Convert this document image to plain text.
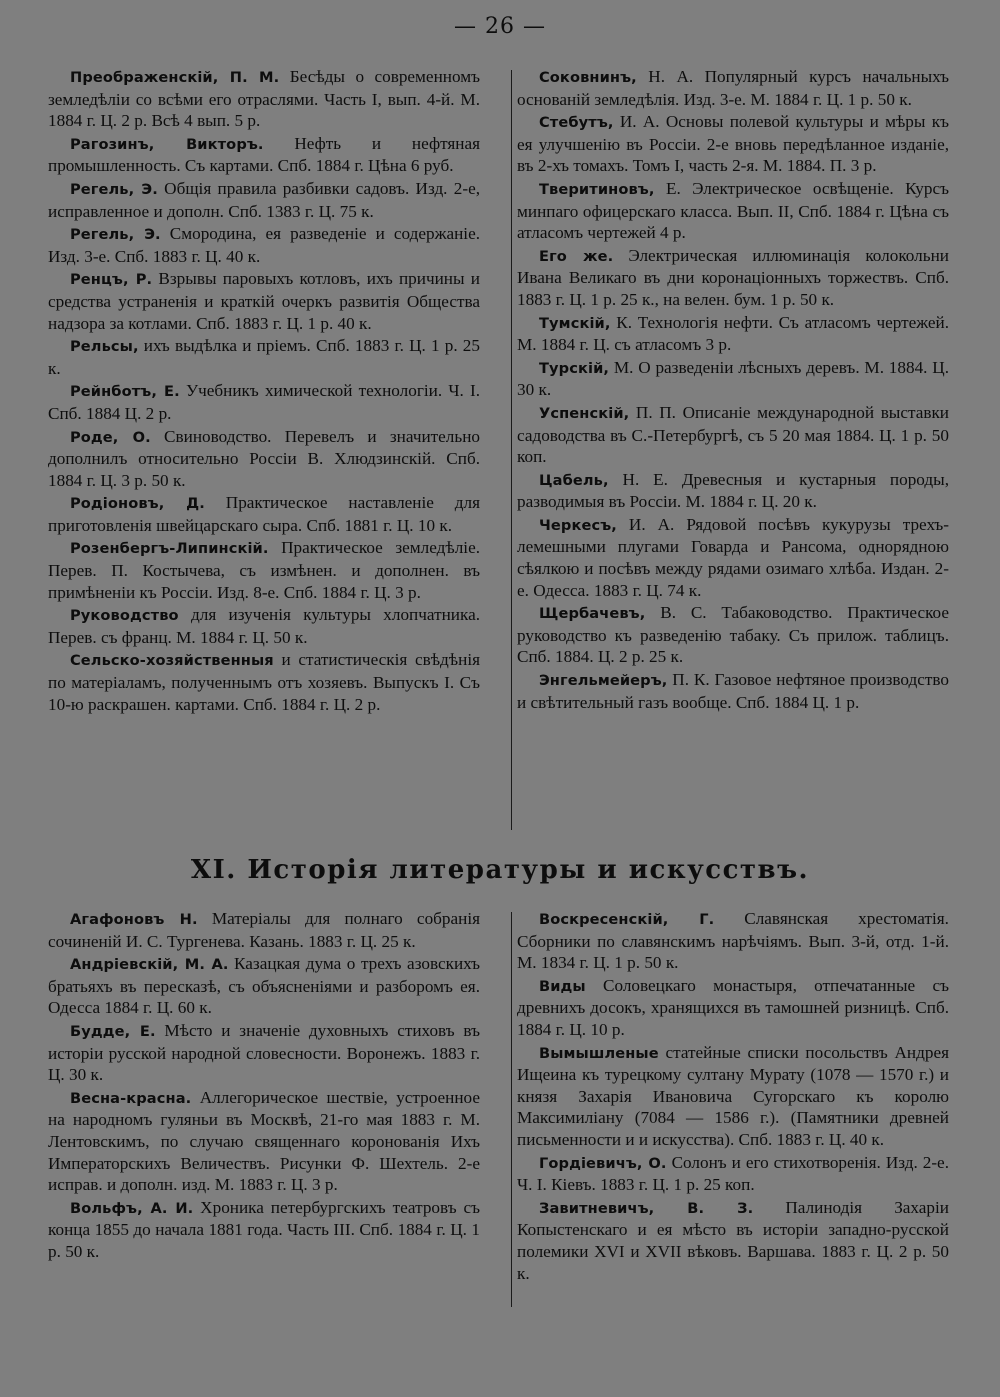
— 26 —

Преображенскій, П. М. Бесѣды о современномъ земледѣліи со всѣми его отраслями. Часть I, вып. 4-й. М. 1884 г. Ц. 2 р. Всѣ 4 вып. 5 р.

Рагозинъ, Викторъ. Нефть и нефтяная промышленность. Съ картами. Спб. 1884 г. Цѣна 6 руб.

Регель, Э. Общія правила разбивки садовъ. Изд. 2-е, исправленное и дополн. Спб. 1383 г. Ц. 75 к.

Регель, Э. Смородина, ея разведеніе и содержаніе. Изд. 3-е. Спб. 1883 г. Ц. 40 к.

Ренцъ, Р. Взрывы паровыхъ котловъ, ихъ причины и средства устраненія и краткій очеркъ развитія Общества надзора за котлами. Спб. 1883 г. Ц. 1 р. 40 к.

Рельсы, ихъ выдѣлка и пріемъ. Спб. 1883 г. Ц. 1 р. 25 к.

Рейнботъ, Е. Учебникъ химической технологіи. Ч. I. Спб. 1884 Ц. 2 р.

Роде, О. Свиноводство. Перевелъ и значительно дополнилъ относительно Россіи В. Хлюдзинскій. Спб. 1884 г. Ц. 3 р. 50 к.

Родіоновъ, Д. Практическое наставленіе для приготовленія швейцарскаго сыра. Спб. 1881 г. Ц. 10 к.

Розенбергъ-Липинскій. Практическое земледѣліе. Перев. П. Костычева, съ измѣнен. и дополнен. въ примѣненіи къ Россіи. Изд. 8-е. Спб. 1884 г. Ц. 3 р.

Руководство для изученія культуры хлопчатника. Перев. съ франц. М. 1884 г. Ц. 50 к.

Сельско-хозяйственныя и статистическія свѣдѣнія по матеріаламъ, полученнымъ отъ хозяевъ. Выпускъ I. Съ 10-ю раскрашен. картами. Спб. 1884 г. Ц. 2 р.

Соковнинъ, Н. А. Популярный курсъ начальныхъ основаній земледѣлія. Изд. 3-е. М. 1884 г. Ц. 1 р. 50 к.

Стебутъ, И. А. Основы полевой культуры и мѣры къ ея улучшенію въ Россіи. 2-е вновь передѣланное изданіе, въ 2-хъ томахъ. Томъ I, часть 2-я. М. 1884. П. 3 р.

Тверитиновъ, Е. Электрическое освѣщеніе. Курсъ минпаго офицерскаго класса. Вып. II, Спб. 1884 г. Цѣна съ атласомъ чертежей 4 р.

Его же. Электрическая иллюминація колокольни Ивана Великаго въ дни коронаціонныхъ торжествъ. Спб. 1883 г. Ц. 1 р. 25 к., на велен. бум. 1 р. 50 к.

Тумскій, К. Технологія нефти. Съ атласомъ чертежей. М. 1884 г. Ц. съ атласомъ 3 р.

Турскій, М. О разведеніи лѣсныхъ деревъ. М. 1884. Ц. 30 к.

Успенскій, П. П. Описаніе международной выставки садоводства въ С.-Петербургѣ, съ 5 20 мая 1884. Ц. 1 р. 50 коп.

Цабель, Н. Е. Древесныя и кустарныя породы, разводимыя въ Россіи. М. 1884 г. Ц. 20 к.

Черкесъ, И. А. Рядовой посѣвъ кукурузы трехъ-лемешными плугами Говарда и Рансома, однорядною сѣялкою и посѣвъ между рядами озимаго хлѣба. Издан. 2-е. Одесса. 1883 г. Ц. 74 к.

Щербачевъ, В. С. Табаководство. Практическое руководство къ разведенію табаку. Съ прилож. таблицъ. Спб. 1884. Ц. 2 р. 25 к.

Энгельмейеръ, П. К. Газовое нефтяное производство и свѣтительный газъ вообще. Спб. 1884 Ц. 1 р.

XI. Исторія литературы и искусствъ.

Агафоновъ Н. Матеріалы для полнаго собранія сочиненій И. С. Тургенева. Казань. 1883 г. Ц. 25 к.

Андріевскій, М. А. Казацкая дума о трехъ азовскихъ братьяхъ въ пересказѣ, съ объясненіями и разборомъ ея. Одесса 1884 г. Ц. 60 к.

Будде, Е. Мѣсто и значеніе духовныхъ стиховъ въ исторіи русской народной словесности. Воронежъ. 1883 г. Ц. 30 к.

Весна-красна. Аллегорическое шествіе, устроенное на народномъ гуляньи въ Москвѣ, 21-го мая 1883 г. М. Лентовскимъ, по случаю священнаго коронованія Ихъ Императорскихъ Величествъ. Рисунки Ф. Шехтель. 2-е исправ. и дополн. изд. М. 1883 г. Ц. 3 р.

Вольфъ, А. И. Хроника петербургскихъ театровъ съ конца 1855 до начала 1881 года. Часть III. Спб. 1884 г. Ц. 1 р. 50 к.

Воскресенскій, Г. Славянская хрестоматія. Сборники по славянскимъ нарѣчіямъ. Вып. 3-й, отд. 1-й. М. 1834 г. Ц. 1 р. 50 к.

Виды Соловецкаго монастыря, отпечатанные съ древнихъ досокъ, хранящихся въ тамошней ризницѣ. Спб. 1884 г. Ц. 10 р.

Вымышленые статейные списки посольствъ Андрея Ищеина къ турецкому султану Мурату (1078 — 1570 г.) и князя Захарія Ивановича Сугорскаго къ королю Максимиліану (7084 — 1586 г.). (Памятники древней письменности и и искусства). Спб. 1883 г. Ц. 40 к.

Гордіевичъ, О. Солонъ и его стихотворенія. Изд. 2-е. Ч. I. Кіевъ. 1883 г. Ц. 1 р. 25 коп.

Завитневичъ, В. З. Палинодія Захаріи Копыстенскаго и ея мѣсто въ исторіи западно-русской полемики XVI и XVII вѣковъ. Варшава. 1883 г. Ц. 2 р. 50 к.
